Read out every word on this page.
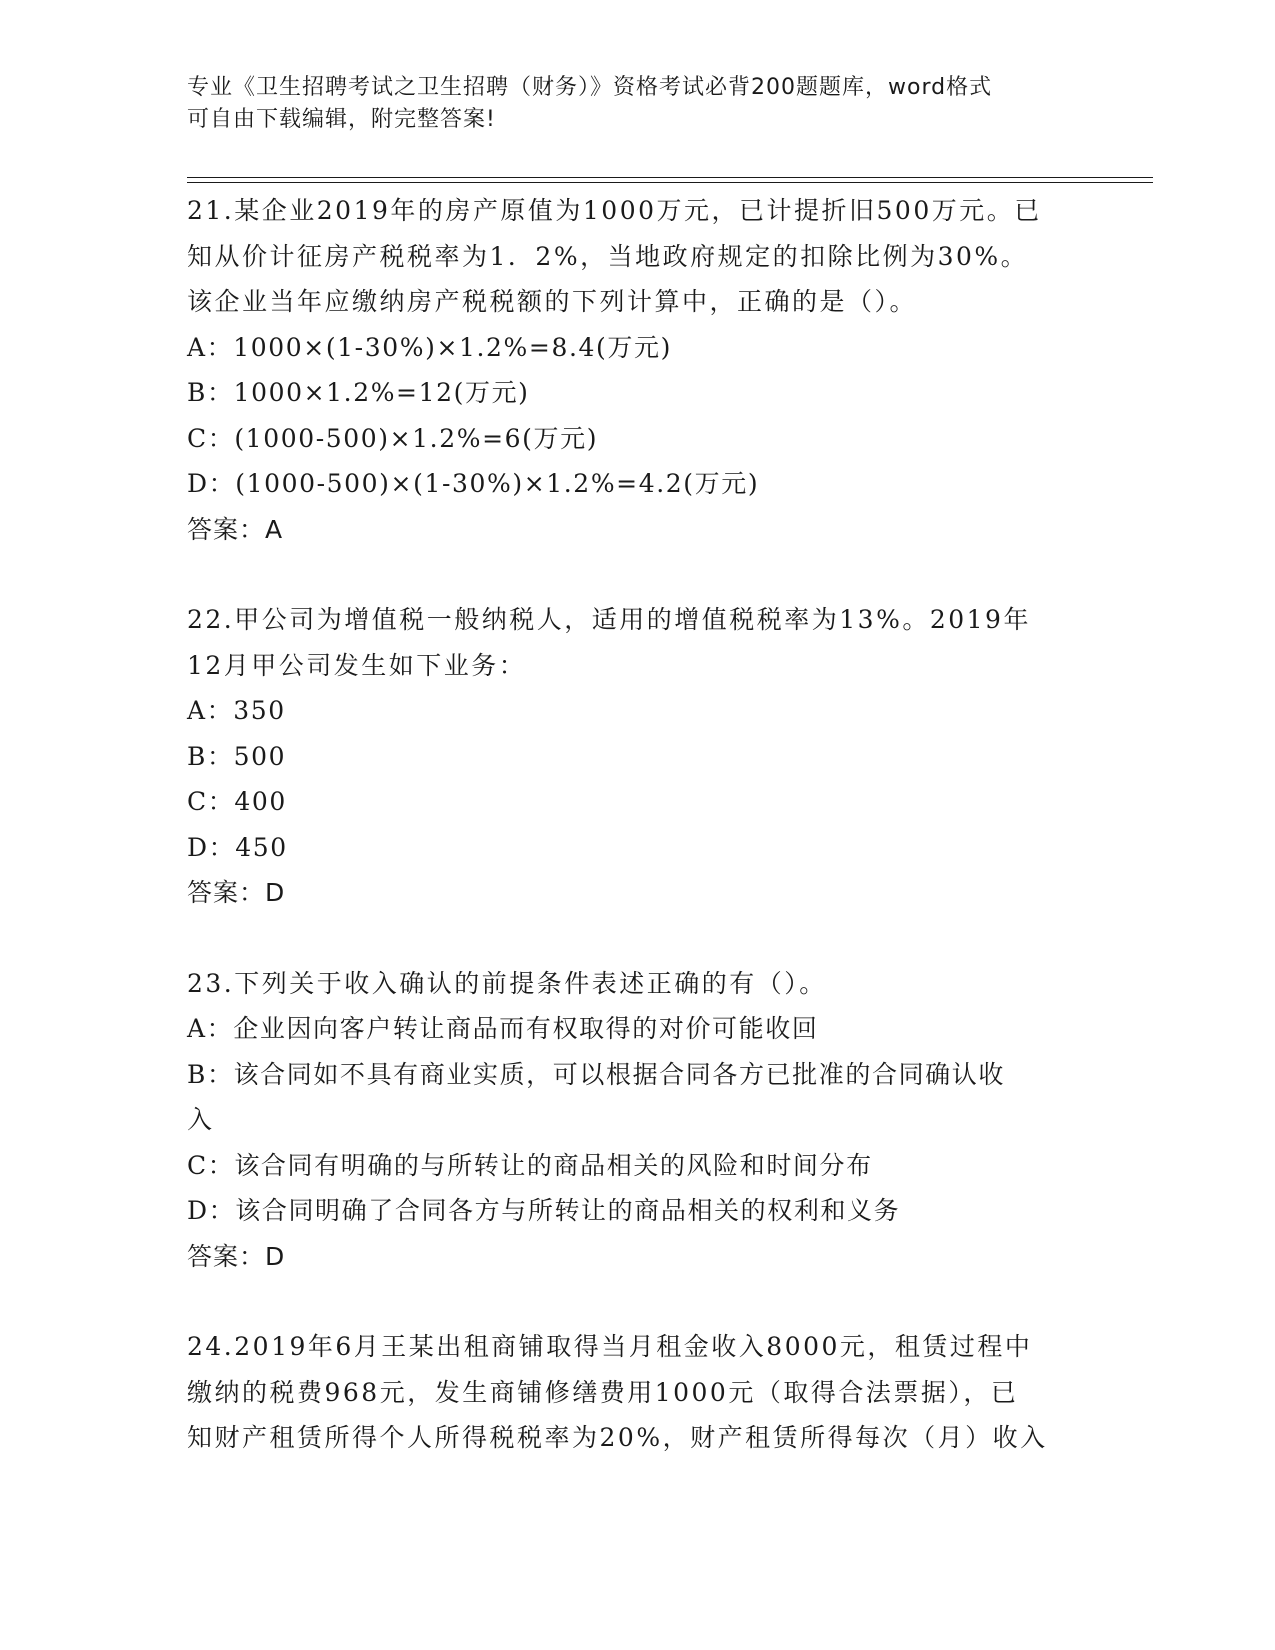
专业《卫生招聘考试之卫生招聘（财务）》资格考试必背200题题库，word格式
可自由下载编辑，附完整答案!
21.某企业2019年的房产原值为1000万元，已计提折旧500万元。已
知从价计征房产税税率为1．2%，当地政府规定的扣除比例为30%。
该企业当年应缴纳房产税税额的下列计算中，正确的是（）。
A：1000×(1-30%)×1.2%=8.4(万元)
B：1000×1.2%=12(万元)
C：(1000-500)×1.2%=6(万元)
D：(1000-500)×(1-30%)×1.2%=4.2(万元)
答案：A
22.甲公司为增值税一般纳税人，适用的增值税税率为13%。2019年
12月甲公司发生如下业务：
A：350
B：500
C：400
D：450
答案：D
23.下列关于收入确认的前提条件表述正确的有（）。
A：企业因向客户转让商品而有权取得的对价可能收回
B：该合同如不具有商业实质，可以根据合同各方已批准的合同确认收
入
C：该合同有明确的与所转让的商品相关的风险和时间分布
D：该合同明确了合同各方与所转让的商品相关的权利和义务
答案：D
24.2019年6月王某出租商铺取得当月租金收入8000元，租赁过程中
缴纳的税费968元，发生商铺修缮费用1000元（取得合法票据），已
知财产租赁所得个人所得税税率为20%，财产租赁所得每次（月）收入
